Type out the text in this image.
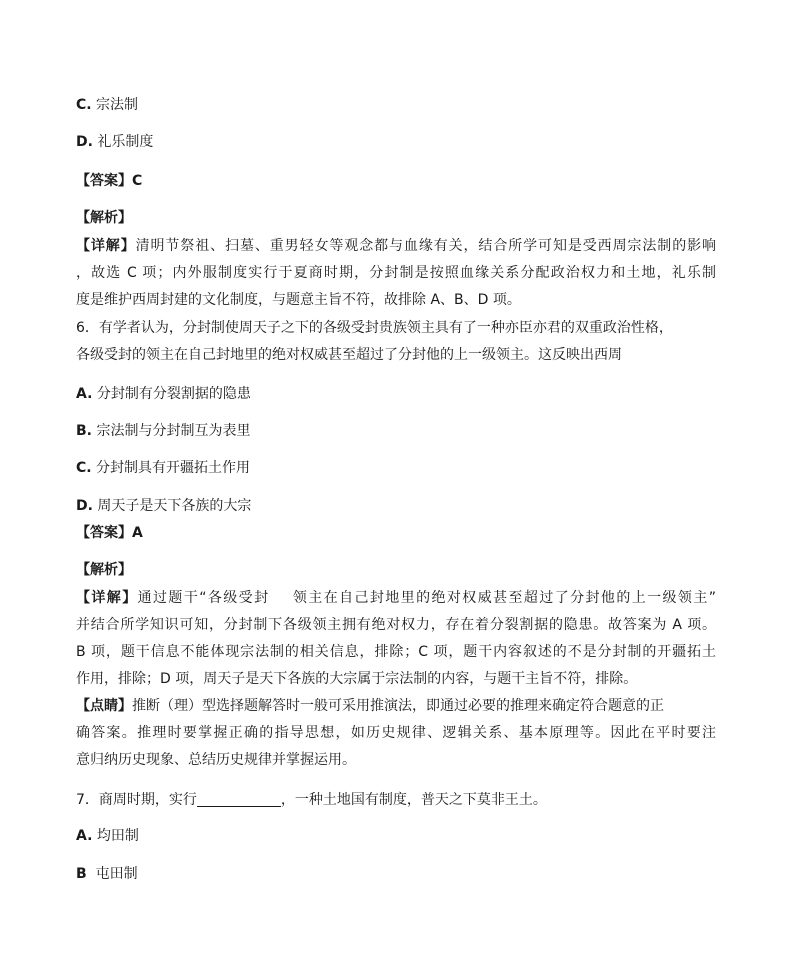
C. 宗法制
D. 礼乐制度
【答案】C
【解析】
【详解】清明节祭祖、扫墓、重男轻女等观念都与血缘有关，结合所学可知是受西周宗法制的影响
，故选 C 项；内外服制度实行于夏商时期，分封制是按照血缘关系分配政治权力和土地，礼乐制
度是维护西周封建的文化制度，与题意主旨不符，故排除 A、B、D 项。
6．有学者认为，分封制使周天子之下的各级受封贵族领主具有了一种亦臣亦君的双重政治性格，
各级受封的领主在自己封地里的绝对权威甚至超过了分封他的上一级领主。这反映出西周
A. 分封制有分裂割据的隐患
B. 宗法制与分封制互为表里
C. 分封制具有开疆拓土作用
D. 周天子是天下各族的大宗
【答案】A
【解析】
【详解】通过题干“各级受封    领主在自己封地里的绝对权威甚至超过了分封他的上一级领主”
并结合所学知识可知，分封制下各级领主拥有绝对权力，存在着分裂割据的隐患。故答案为 A 项。
B 项，题干信息不能体现宗法制的相关信息，排除；C 项，题干内容叙述的不是分封制的开疆拓土
作用，排除；D 项，周天子是天下各族的大宗属于宗法制的内容，与题干主旨不符，排除。
【点睛】推断（理）型选择题解答时一般可采用推演法，即通过必要的推理来确定符合题意的正
确答案。推理时要掌握正确的指导思想，如历史规律、逻辑关系、基本原理等。因此在平时要注
意归纳历史现象、总结历史规律并掌握运用。
7．商周时期，实行	，一种土地国有制度，普天之下莫非王土。
A. 均田制
B 屯田制
